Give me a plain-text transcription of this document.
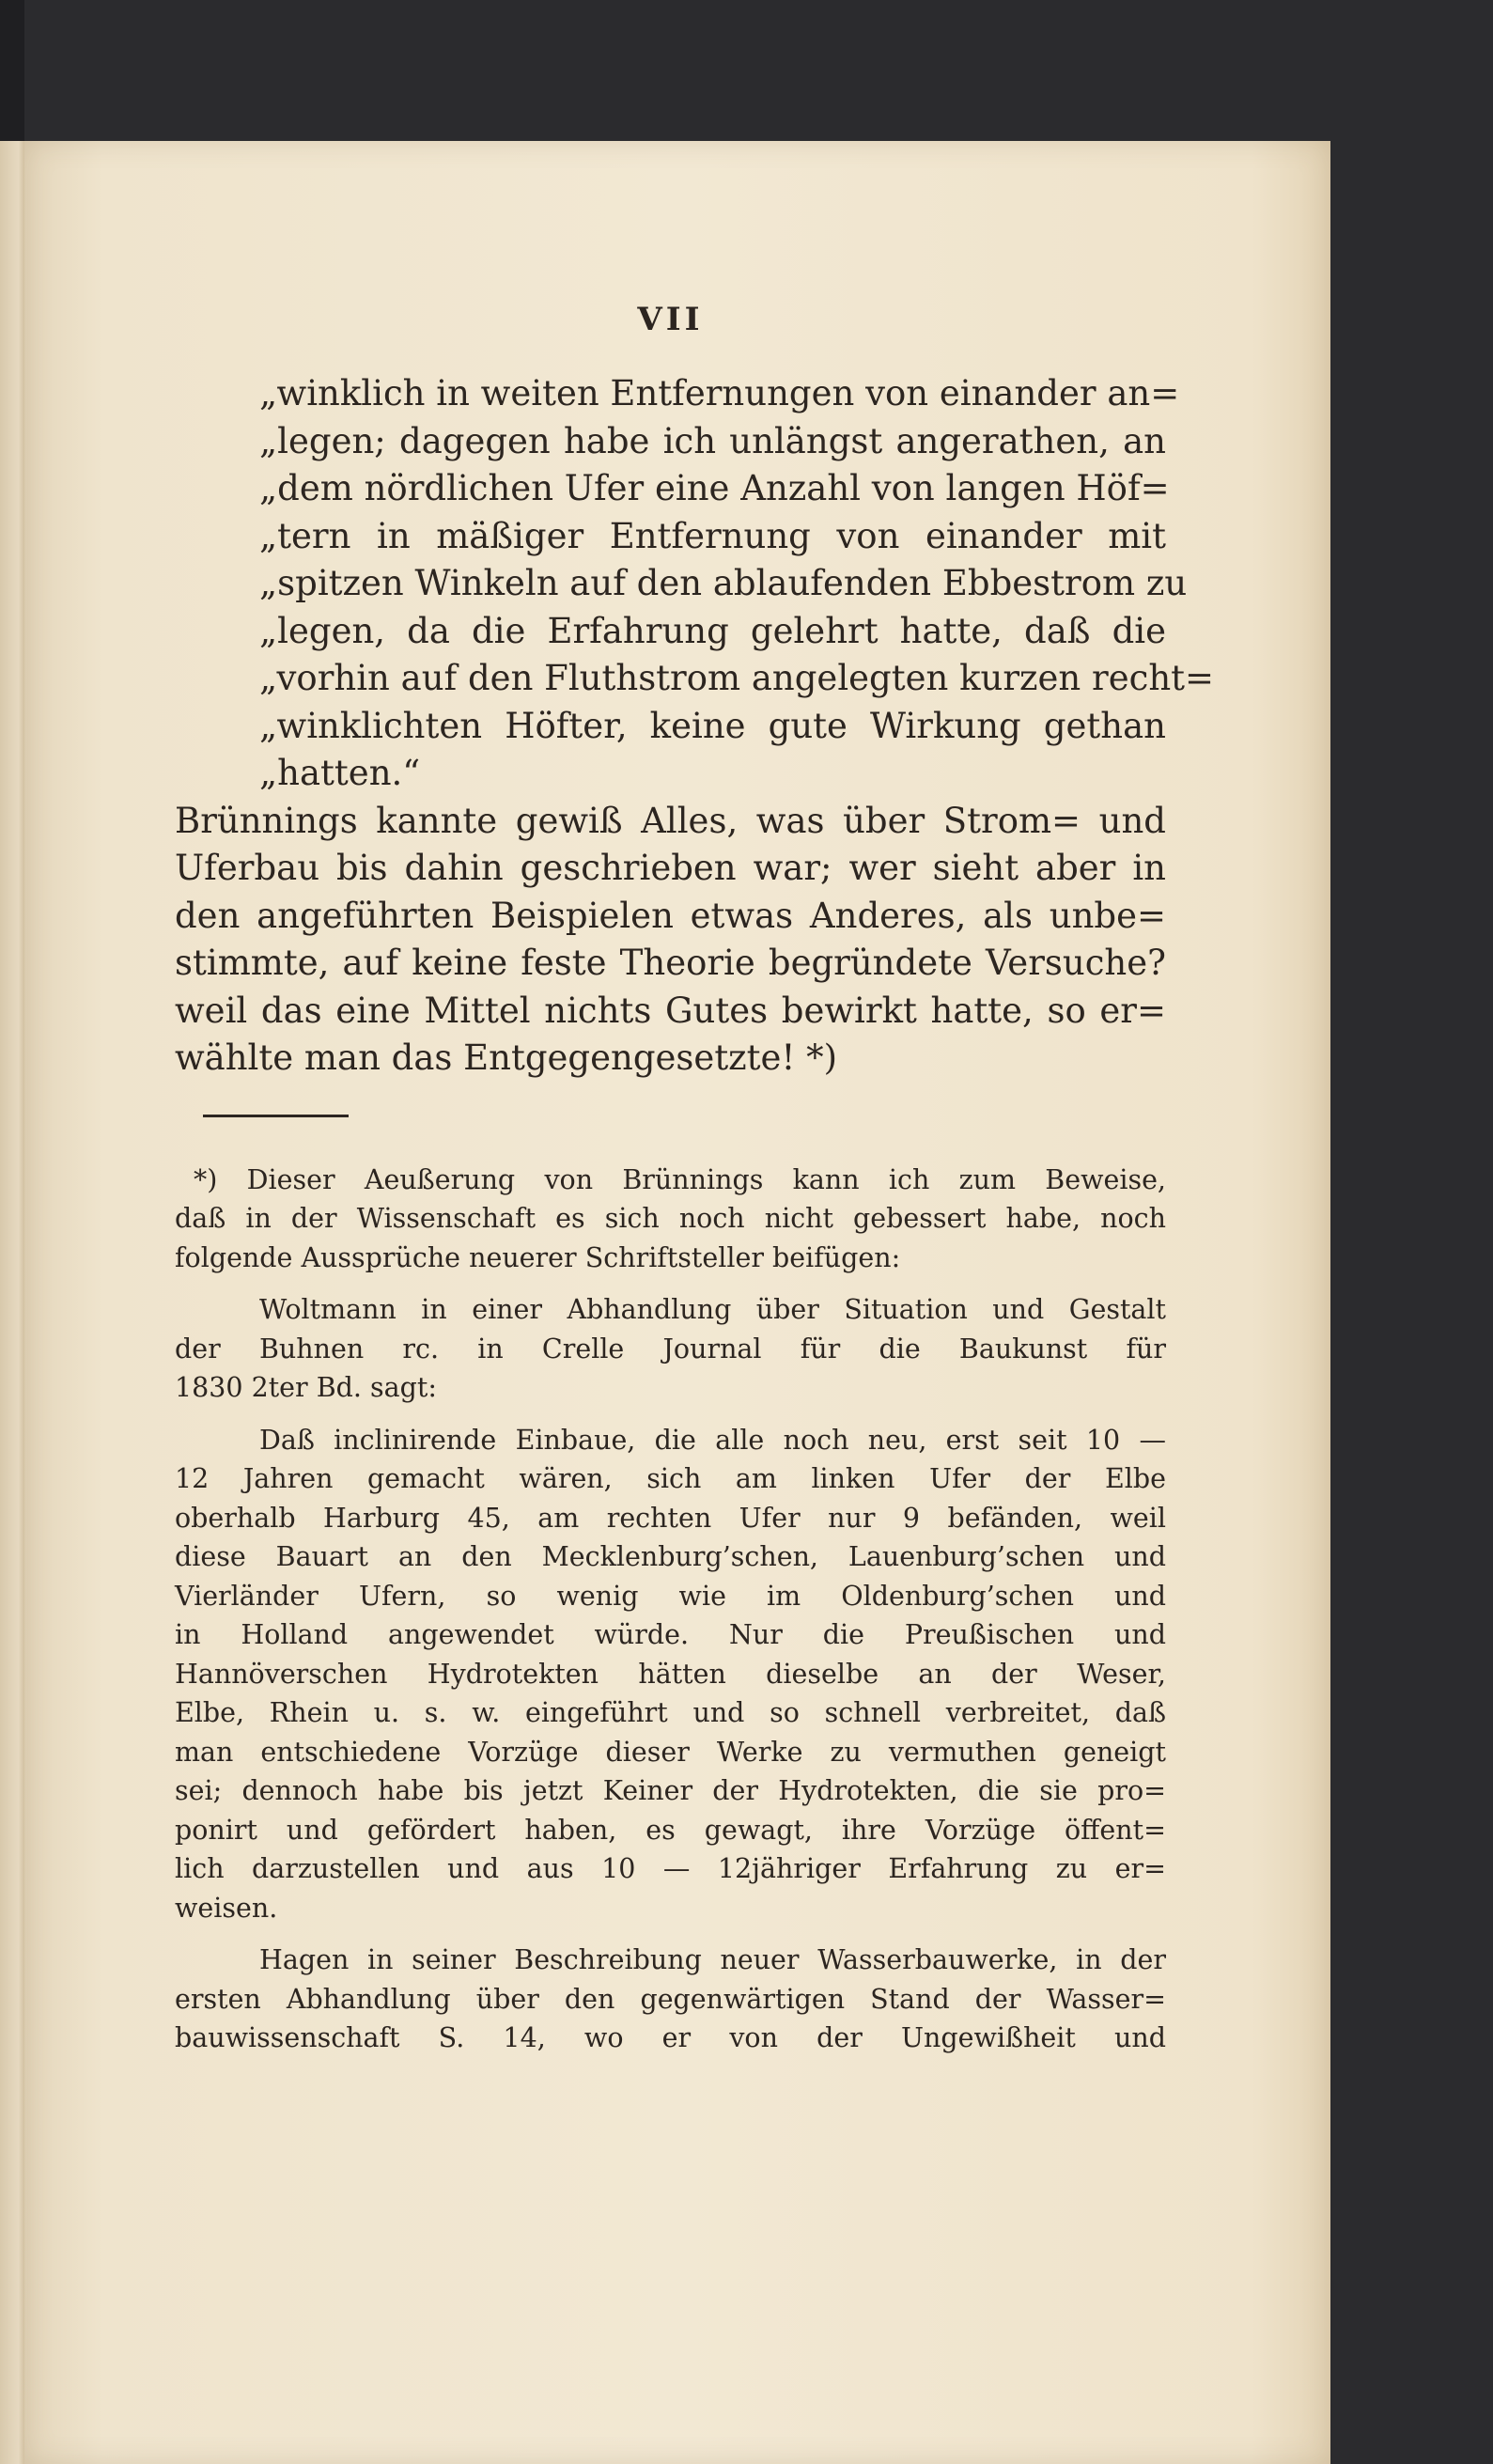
VII
„winklich in weiten Entfernungen von einander an=
„legen; dagegen habe ich unlängst angerathen, an
„dem nördlichen Ufer eine Anzahl von langen Höf=
„tern in mäßiger Entfernung von einander mit
„spitzen Winkeln auf den ablaufenden Ebbestrom zu
„legen, da die Erfahrung gelehrt hatte, daß die
„vorhin auf den Fluthstrom angelegten kurzen recht=
„winklichten Höfter, keine gute Wirkung gethan
„hatten.“
Brünnings kannte gewiß Alles, was über Strom= und
Uferbau bis dahin geschrieben war; wer sieht aber in
den angeführten Beispielen etwas Anderes, als unbe=
stimmte, auf keine feste Theorie begründete Versuche?
weil das eine Mittel nichts Gutes bewirkt hatte, so er=
wählte man das Entgegengesetzte! *)
*) Dieser Aeußerung von Brünnings kann ich zum Beweise,
daß in der Wissenschaft es sich noch nicht gebessert habe, noch
folgende Aussprüche neuerer Schriftsteller beifügen:
Woltmann in einer Abhandlung über Situation und Gestalt
der Buhnen rc. in Crelle Journal für die Baukunst für
1830 2ter Bd. sagt:
Daß inclinirende Einbaue, die alle noch neu, erst seit 10 —
12 Jahren gemacht wären, sich am linken Ufer der Elbe
oberhalb Harburg 45, am rechten Ufer nur 9 befänden, weil
diese Bauart an den Mecklenburg’schen, Lauenburg’schen und
Vierländer Ufern, so wenig wie im Oldenburg’schen und
in Holland angewendet würde. Nur die Preußischen und
Hannöverschen Hydrotekten hätten dieselbe an der Weser,
Elbe, Rhein u. s. w. eingeführt und so schnell verbreitet, daß
man entschiedene Vorzüge dieser Werke zu vermuthen geneigt
sei; dennoch habe bis jetzt Keiner der Hydrotekten, die sie pro=
ponirt und gefördert haben, es gewagt, ihre Vorzüge öffent=
lich darzustellen und aus 10 — 12jähriger Erfahrung zu er=
weisen.
Hagen in seiner Beschreibung neuer Wasserbauwerke, in der
ersten Abhandlung über den gegenwärtigen Stand der Wasser=
bauwissenschaft S. 14, wo er von der Ungewißheit und
